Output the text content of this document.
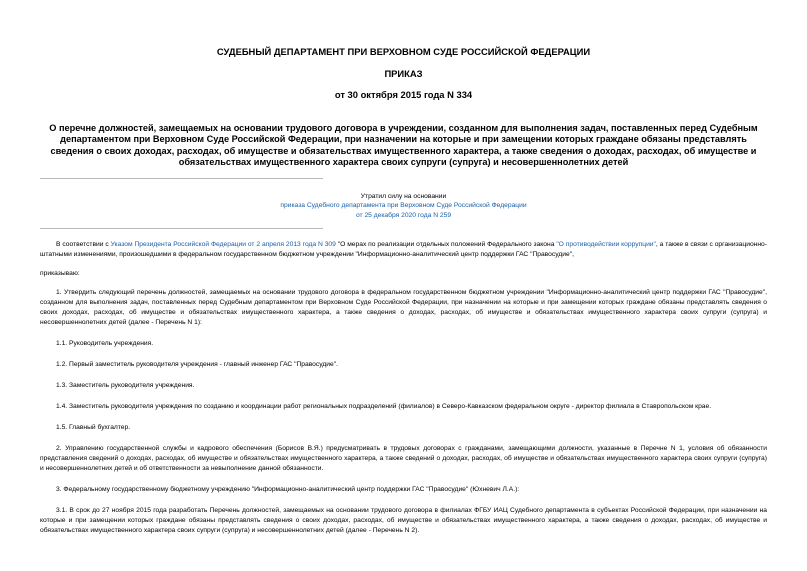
СУДЕБНЫЙ ДЕПАРТАМЕНТ ПРИ ВЕРХОВНОМ СУДЕ РОССИЙСКОЙ ФЕДЕРАЦИИ
ПРИКАЗ
от 30 октября 2015 года N 334

О перечне должностей, замещаемых на основании трудового договора в учреждении, созданном для выполнения задач, поставленных перед Судебным департаментом при Верховном Суде Российской Федерации, при назначении на которые и при замещении которых граждане обязаны представлять сведения о своих доходах, расходах, об имуществе и обязательствах имущественного характера, а также сведения о доходах, расходах, об имуществе и обязательствах имущественного характера своих супруги (супруга) и несовершеннолетних детей

Утратил силу на основании
приказа Судебного департамента при Верховном Суде Российской Федерации
от 25 декабря 2020 года N 259

В соответствии с Указом Президента Российской Федерации от 2 апреля 2013 года N 309 "О мерах по реализации отдельных положений Федерального закона "О противодействии коррупции", а также в связи с организационно-штатными изменениями, произошедшими в федеральном государственном бюджетном учреждении "Информационно-аналитический центр поддержки ГАС "Правосудие",

приказываю:

1. Утвердить следующий перечень должностей, замещаемых на основании трудового договора в федеральном государственном бюджетном учреждении "Информационно-аналитический центр поддержки ГАС "Правосудие", созданном для выполнения задач, поставленных перед Судебным департаментом при Верховном Суде Российской Федерации, при назначении на которые и при замещении которых граждане обязаны представлять сведения о своих доходах, расходах, об имуществе и обязательствах имущественного характера, а также сведения о доходах, расходах, об имуществе и обязательствах имущественного характера своих супруги (супруга) и несовершеннолетних детей (далее - Перечень N 1):

1.1. Руководитель учреждения.

1.2. Первый заместитель руководителя учреждения - главный инженер ГАС "Правосудие".

1.3. Заместитель руководителя учреждения.

1.4. Заместитель руководителя учреждения по созданию и координации работ региональных подразделений (филиалов) в Северо-Кавказском федеральном округе - директор филиала в Ставропольском крае.

1.5. Главный бухгалтер.

2. Управлению государственной службы и кадрового обеспечения (Борисов В.Я.) предусматривать в трудовых договорах с гражданами, замещающими должности, указанные в Перечне N 1, условия об обязанности представления сведений о доходах, расходах, об имуществе и обязательствах имущественного характера, а также сведений о доходах, расходах, об имуществе и обязательствах имущественного характера своих супруги (супруга) и несовершеннолетних детей и об ответственности за невыполнение данной обязанности.

3. Федеральному государственному бюджетному учреждению "Информационно-аналитический центр поддержки ГАС "Правосудие" (Юхневич Л.А.):

3.1. В срок до 27 ноября 2015 года разработать Перечень должностей, замещаемых на основании трудового договора в филиалах ФГБУ ИАЦ Судебного департамента в субъектах Российской Федерации, при назначении на которые и при замещении которых граждане обязаны представлять сведения о своих доходах, расходах, об имуществе и обязательствах имущественного характера, а также сведения о доходах, расходах, об имуществе и обязательствах имущественного характера своих супруги (супруга) и несовершеннолетних детей (далее - Перечень N 2).
